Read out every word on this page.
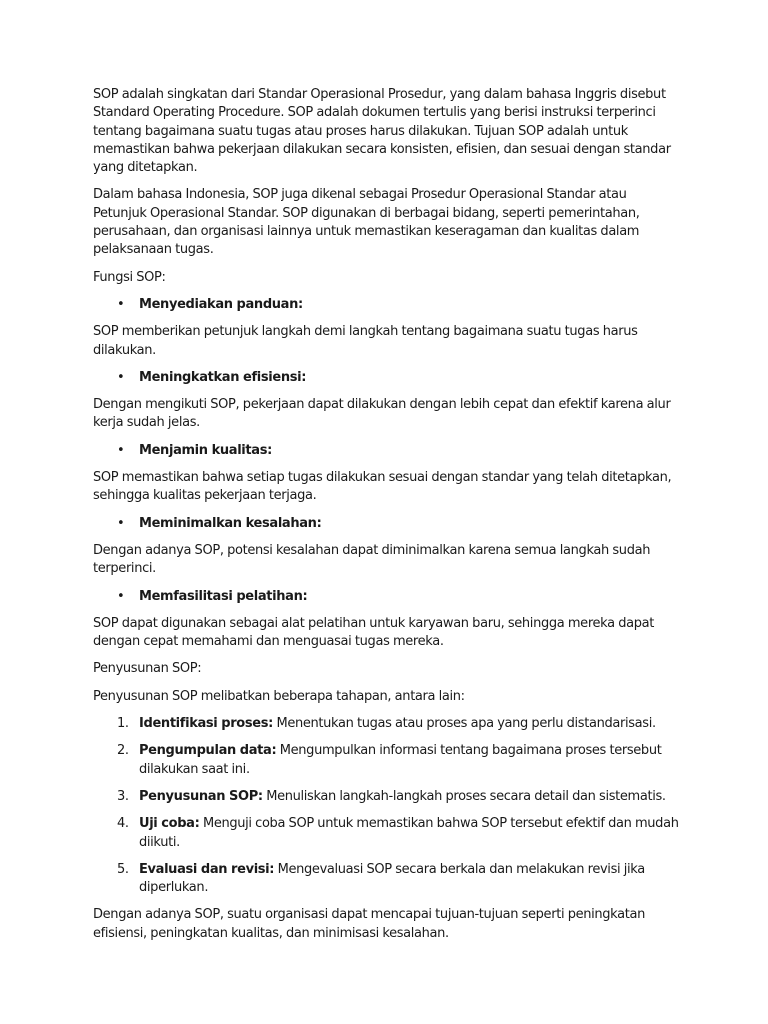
SOP adalah singkatan dari Standar Operasional Prosedur, yang dalam bahasa Inggris disebut Standard Operating Procedure. SOP adalah dokumen tertulis yang berisi instruksi terperinci tentang bagaimana suatu tugas atau proses harus dilakukan. Tujuan SOP adalah untuk memastikan bahwa pekerjaan dilakukan secara konsisten, efisien, dan sesuai dengan standar yang ditetapkan.

Dalam bahasa Indonesia, SOP juga dikenal sebagai Prosedur Operasional Standar atau Petunjuk Operasional Standar. SOP digunakan di berbagai bidang, seperti pemerintahan, perusahaan, dan organisasi lainnya untuk memastikan keseragaman dan kualitas dalam pelaksanaan tugas.

Fungsi SOP:

• Menyediakan panduan:

SOP memberikan petunjuk langkah demi langkah tentang bagaimana suatu tugas harus dilakukan.

• Meningkatkan efisiensi:

Dengan mengikuti SOP, pekerjaan dapat dilakukan dengan lebih cepat dan efektif karena alur kerja sudah jelas.

• Menjamin kualitas:

SOP memastikan bahwa setiap tugas dilakukan sesuai dengan standar yang telah ditetapkan, sehingga kualitas pekerjaan terjaga.

• Meminimalkan kesalahan:

Dengan adanya SOP, potensi kesalahan dapat diminimalkan karena semua langkah sudah terperinci.

• Memfasilitasi pelatihan:

SOP dapat digunakan sebagai alat pelatihan untuk karyawan baru, sehingga mereka dapat dengan cepat memahami dan menguasai tugas mereka.

Penyusunan SOP:

Penyusunan SOP melibatkan beberapa tahapan, antara lain:

1. Identifikasi proses: Menentukan tugas atau proses apa yang perlu distandarisasi.
2. Pengumpulan data: Mengumpulkan informasi tentang bagaimana proses tersebut dilakukan saat ini.
3. Penyusunan SOP: Menuliskan langkah-langkah proses secara detail dan sistematis.
4. Uji coba: Menguji coba SOP untuk memastikan bahwa SOP tersebut efektif dan mudah diikuti.
5. Evaluasi dan revisi: Mengevaluasi SOP secara berkala dan melakukan revisi jika diperlukan.

Dengan adanya SOP, suatu organisasi dapat mencapai tujuan-tujuan seperti peningkatan efisiensi, peningkatan kualitas, dan minimisasi kesalahan.
